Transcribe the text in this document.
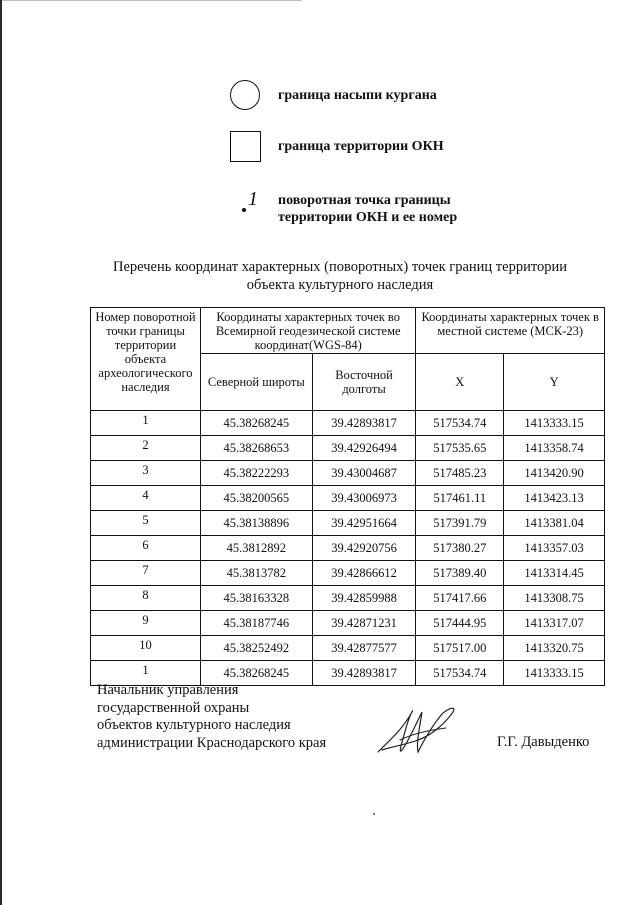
граница насыпи кургана
граница территории ОКН
1 поворотная точка границы
территории ОКН и ее номер
Перечень координат характерных (поворотных) точек границ территории
объекта культурного наследия
Номер поворотной точки границы территории объекта археологического наследия	Координаты характерных точек во Всемирной геодезической системе координат(WGS-84)		Координаты характерных точек в местной системе (МСК-23)	
	Северной широты	Восточной долготы	X	Y
1	45.38268245	39.42893817	517534.74	1413333.15
2	45.38268653	39.42926494	517535.65	1413358.74
3	45.38222293	39.43004687	517485.23	1413420.90
4	45.38200565	39.43006973	517461.11	1413423.13
5	45.38138896	39.42951664	517391.79	1413381.04
6	45.3812892	39.42920756	517380.27	1413357.03
7	45.3813782	39.42866612	517389.40	1413314.45
8	45.38163328	39.42859988	517417.66	1413308.75
9	45.38187746	39.42871231	517444.95	1413317.07
10	45.38252492	39.42877577	517517.00	1413320.75
1	45.38268245	39.42893817	517534.74	1413333.15
Начальник управления
государственной охраны
объектов культурного наследия
администрации Краснодарского края	Г.Г. Давыденко
